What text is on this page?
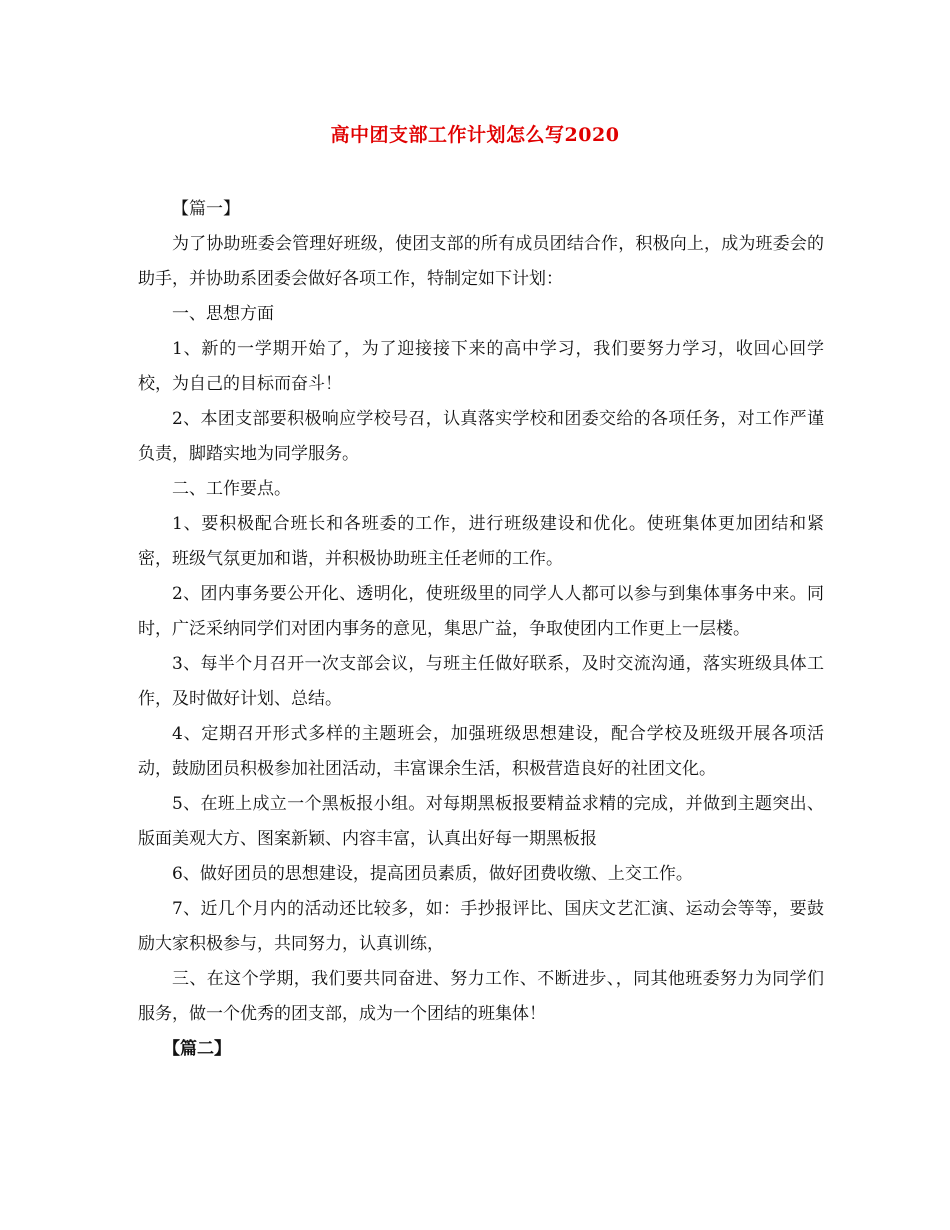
高中团支部工作计划怎么写2020

【篇一】

为了协助班委会管理好班级，使团支部的所有成员团结合作，积极向上，成为班委会的助手，并协助系团委会做好各项工作，特制定如下计划：

一、思想方面

1、新的一学期开始了，为了迎接接下来的高中学习，我们要努力学习，收回心回学校，为自己的目标而奋斗！

2、本团支部要积极响应学校号召，认真落实学校和团委交给的各项任务，对工作严谨负责，脚踏实地为同学服务。

二、工作要点。

1、要积极配合班长和各班委的工作，进行班级建设和优化。使班集体更加团结和紧密，班级气氛更加和谐，并积极协助班主任老师的工作。

2、团内事务要公开化、透明化，使班级里的同学人人都可以参与到集体事务中来。同时，广泛采纳同学们对团内事务的意见，集思广益，争取使团内工作更上一层楼。

3、每半个月召开一次支部会议，与班主任做好联系，及时交流沟通，落实班级具体工作，及时做好计划、总结。

4、定期召开形式多样的主题班会，加强班级思想建设，配合学校及班级开展各项活动，鼓励团员积极参加社团活动，丰富课余生活，积极营造良好的社团文化。

5、在班上成立一个黑板报小组。对每期黑板报要精益求精的完成，并做到主题突出、版面美观大方、图案新颖、内容丰富，认真出好每一期黑板报

6、做好团员的思想建设，提高团员素质，做好团费收缴、上交工作。

7、近几个月内的活动还比较多，如：手抄报评比、国庆文艺汇演、运动会等等，要鼓励大家积极参与，共同努力，认真训练，

三、在这个学期，我们要共同奋进、努力工作、不断进步、，同其他班委努力为同学们服务，做一个优秀的团支部，成为一个团结的班集体！

【篇二】
